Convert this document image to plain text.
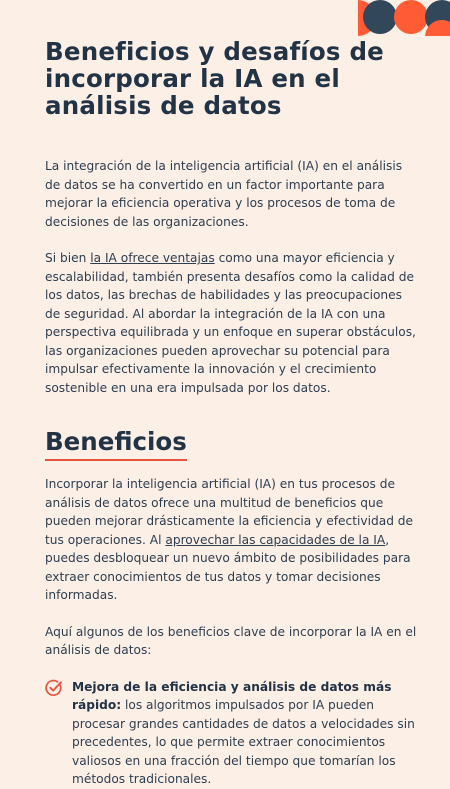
Beneficios y desafíos de incorporar la IA en el análisis de datos

La integración de la inteligencia artificial (IA) en el análisis de datos se ha convertido en un factor importante para mejorar la eficiencia operativa y los procesos de toma de decisiones de las organizaciones.

Si bien la IA ofrece ventajas como una mayor eficiencia y escalabilidad, también presenta desafíos como la calidad de los datos, las brechas de habilidades y las preocupaciones de seguridad. Al abordar la integración de la IA con una perspectiva equilibrada y un enfoque en superar obstáculos, las organizaciones pueden aprovechar su potencial para impulsar efectivamente la innovación y el crecimiento sostenible en una era impulsada por los datos.

Beneficios

Incorporar la inteligencia artificial (IA) en tus procesos de análisis de datos ofrece una multitud de beneficios que pueden mejorar drásticamente la eficiencia y efectividad de tus operaciones. Al aprovechar las capacidades de la IA, puedes desbloquear un nuevo ámbito de posibilidades para extraer conocimientos de tus datos y tomar decisiones informadas.

Aquí algunos de los beneficios clave de incorporar la IA en el análisis de datos:

Mejora de la eficiencia y análisis de datos más rápido: los algoritmos impulsados por IA pueden procesar grandes cantidades de datos a velocidades sin precedentes, lo que permite extraer conocimientos valiosos en una fracción del tiempo que tomarían los métodos tradicionales.
